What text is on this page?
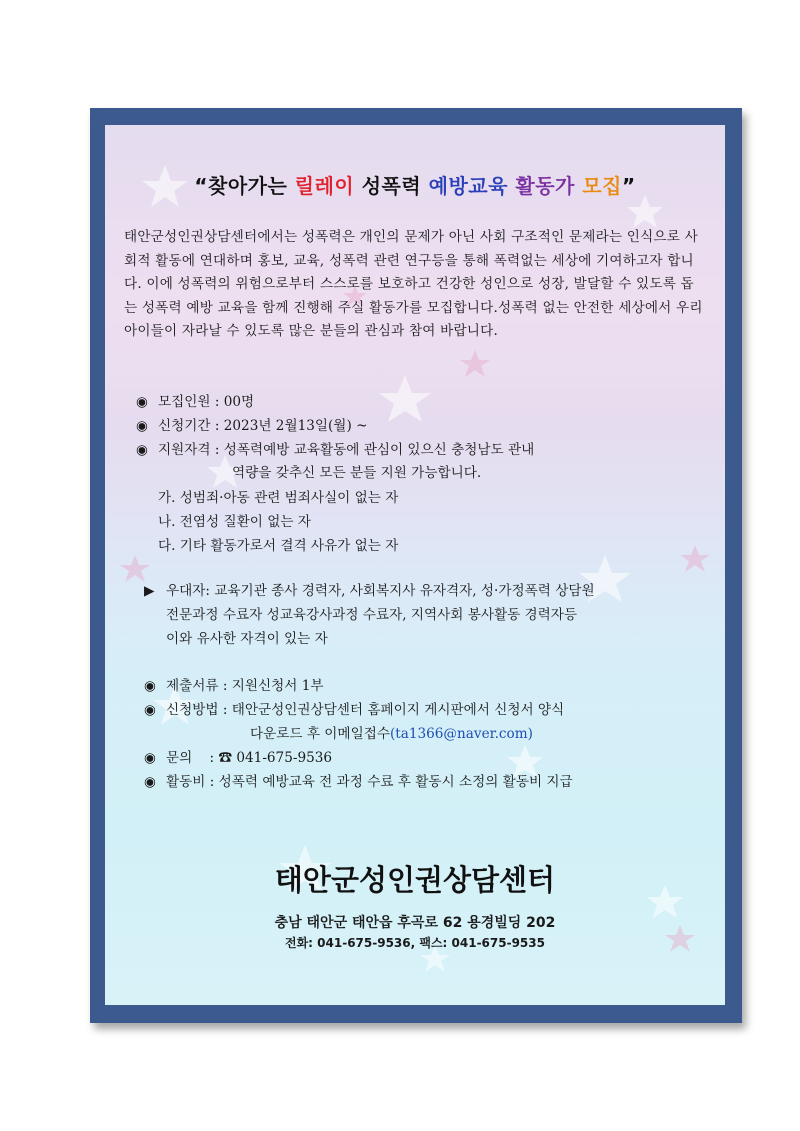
“찾아가는 릴레이 성폭력 예방교육 활동가 모집”
태안군성인권상담센터에서는 성폭력은 개인의 문제가 아닌 사회 구조적인 문제라는 인식으로 사회적 활동에 연대하며 홍보, 교육, 성폭력 관련 연구등을 통해 폭력없는 세상에 기여하고자 합니다. 이에 성폭력의 위험으로부터 스스로를 보호하고 건강한 성인으로 성장, 발달할 수 있도록 돕는 성폭력 예방 교육을 함께 진행해 주실 활동가를 모집합니다.성폭력 없는 안전한 세상에서 우리 아이들이 자라날 수 있도록 많은 분들의 관심과 참여 바랍니다.
◉ 모집인원 : 00명
◉ 신청기간 : 2023년 2월13일(월) ~
◉ 지원자격 : 성폭력예방 교육활동에 관심이 있으신 충청남도 관내
역량을 갖추신 모든 분들 지원 가능합니다.
가. 성범죄·아동 관련 범죄사실이 없는 자
나. 전염성 질환이 없는 자
다. 기타 활동가로서 결격 사유가 없는 자
▶ 우대자: 교육기관 종사 경력자, 사회복지사 유자격자, 성·가정폭력 상담원
전문과정 수료자 성교육강사과정 수료자, 지역사회 봉사활동 경력자등
이와 유사한 자격이 있는 자
◉ 제출서류 : 지원신청서 1부
◉ 신청방법 : 태안군성인권상담센터 홈페이지 게시판에서 신청서 양식
다운로드 후 이메일접수(ta1366@naver.com)
◉ 문의    : ☎ 041-675-9536
◉ 활동비 : 성폭력 예방교육 전 과정 수료 후 활동시 소정의 활동비 지급
태안군성인권상담센터
충남 태안군 태안읍 후곡로 62 용경빌딩 202
전화: 041-675-9536, 팩스: 041-675-9535
